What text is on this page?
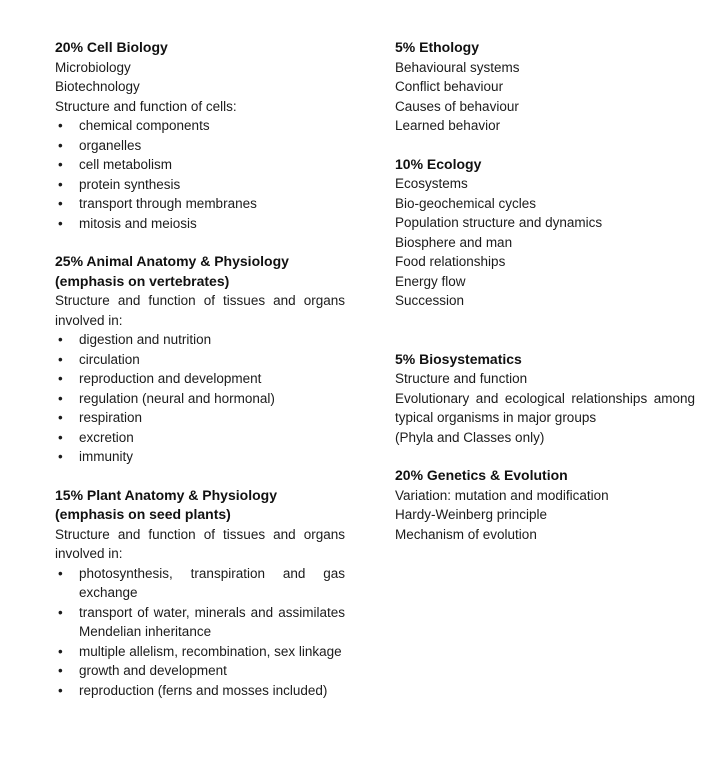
20% Cell Biology

Microbiology

Biotechnology

Structure and function of cells:

• chemical components
• organelles
• cell metabolism
• protein synthesis
• transport through membranes
• mitosis and meiosis

25% Animal Anatomy & Physiology

(emphasis on vertebrates)

Structure and function of tissues and organs involved in:

• digestion and nutrition
• circulation
• reproduction and development
• regulation (neural and hormonal)
• respiration
• excretion
• immunity

15% Plant Anatomy & Physiology

(emphasis on seed plants)

Structure and function of tissues and organs involved in:

• photosynthesis, transpiration and gas exchange
• transport of water, minerals and assimilates Mendelian inheritance
• multiple allelism, recombination, sex linkage
• growth and development
• reproduction (ferns and mosses included)

5% Ethology

Behavioural systems

Conflict behaviour

Causes of behaviour

Learned behavior

10% Ecology

Ecosystems

Bio-geochemical cycles

Population structure and dynamics

Biosphere and man

Food relationships

Energy flow

Succession

5% Biosystematics

Structure and function

Evolutionary and ecological relationships among typical organisms in major groups

(Phyla and Classes only)

20% Genetics & Evolution

Variation: mutation and modification

Hardy-Weinberg principle

Mechanism of evolution
